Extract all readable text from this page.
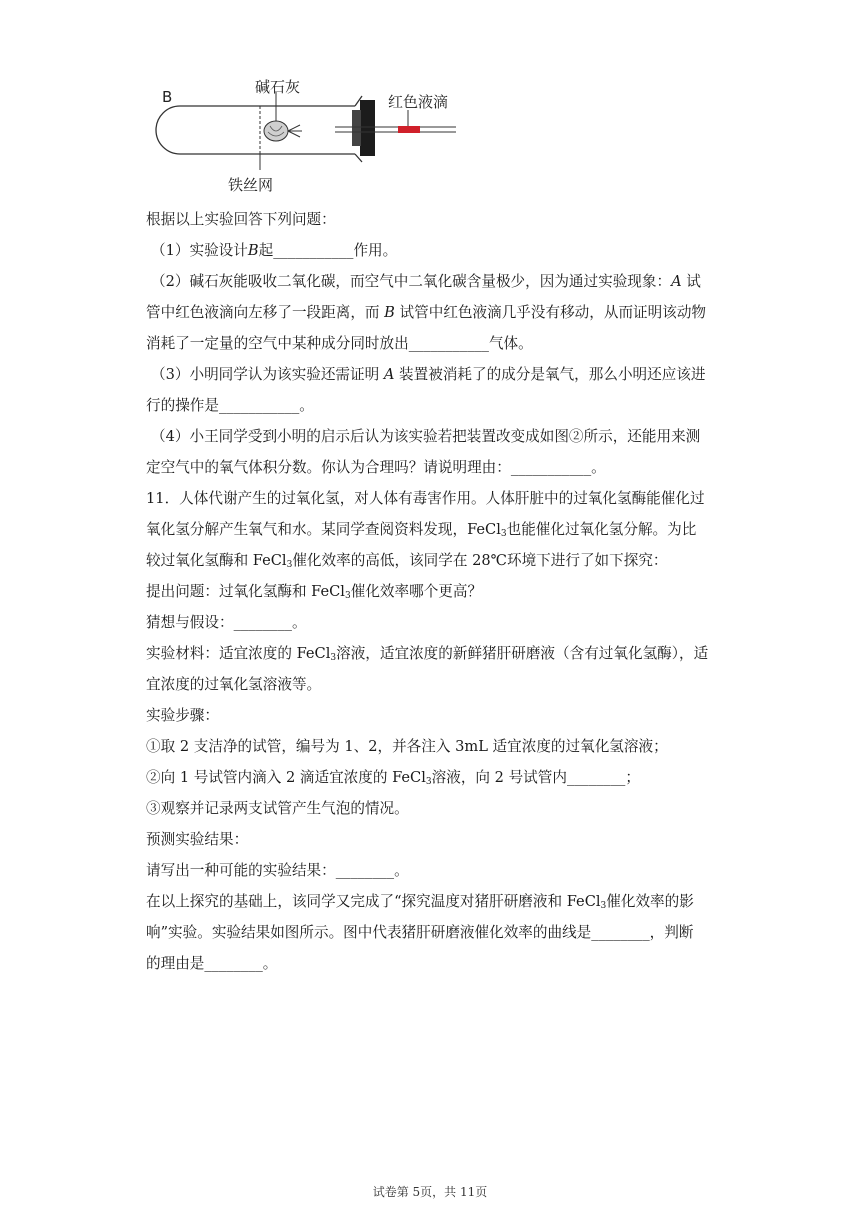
B
碱石灰
红色液滴
铁丝网

根据以上实验回答下列问题：

（1）实验设计B起___________作用。

（2）碱石灰能吸收二氧化碳，而空气中二氧化碳含量极少，因为通过实验现象：A 试

管中红色液滴向左移了一段距离，而 B 试管中红色液滴几乎没有移动，从而证明该动物

消耗了一定量的空气中某种成分同时放出___________气体。

（3）小明同学认为该实验还需证明 A 装置被消耗了的成分是氧气，那么小明还应该进

行的操作是___________。

（4）小王同学受到小明的启示后认为该实验若把装置改变成如图②所示，还能用来测

定空气中的氧气体积分数。你认为合理吗？请说明理由：___________。

11．人体代谢产生的过氧化氢，对人体有毒害作用。人体肝脏中的过氧化氢酶能催化过

氧化氢分解产生氧气和水。某同学查阅资料发现，FeCl$_3$也能催化过氧化氢分解。为比

较过氧化氢酶和 FeCl$_3$催化效率的高低，该同学在 28℃环境下进行了如下探究：

提出问题：过氧化氢酶和 FeCl$_3$催化效率哪个更高？

猜想与假设：________。

实验材料：适宜浓度的 FeCl$_3$溶液，适宜浓度的新鲜猪肝研磨液（含有过氧化氢酶），适

宜浓度的过氧化氢溶液等。

实验步骤：

①取 2 支洁净的试管，编号为 1、2，并各注入 3mL 适宜浓度的过氧化氢溶液；

②向 1 号试管内滴入 2 滴适宜浓度的 FeCl$_3$溶液，向 2 号试管内________；

③观察并记录两支试管产生气泡的情况。

预测实验结果：

请写出一种可能的实验结果：________。

在以上探究的基础上，该同学又完成了“探究温度对猪肝研磨液和 FeCl$_3$催化效率的影

响”实验。实验结果如图所示。图中代表猪肝研磨液催化效率的曲线是________，判断

的理由是________。

试卷第 5页，共 11页
